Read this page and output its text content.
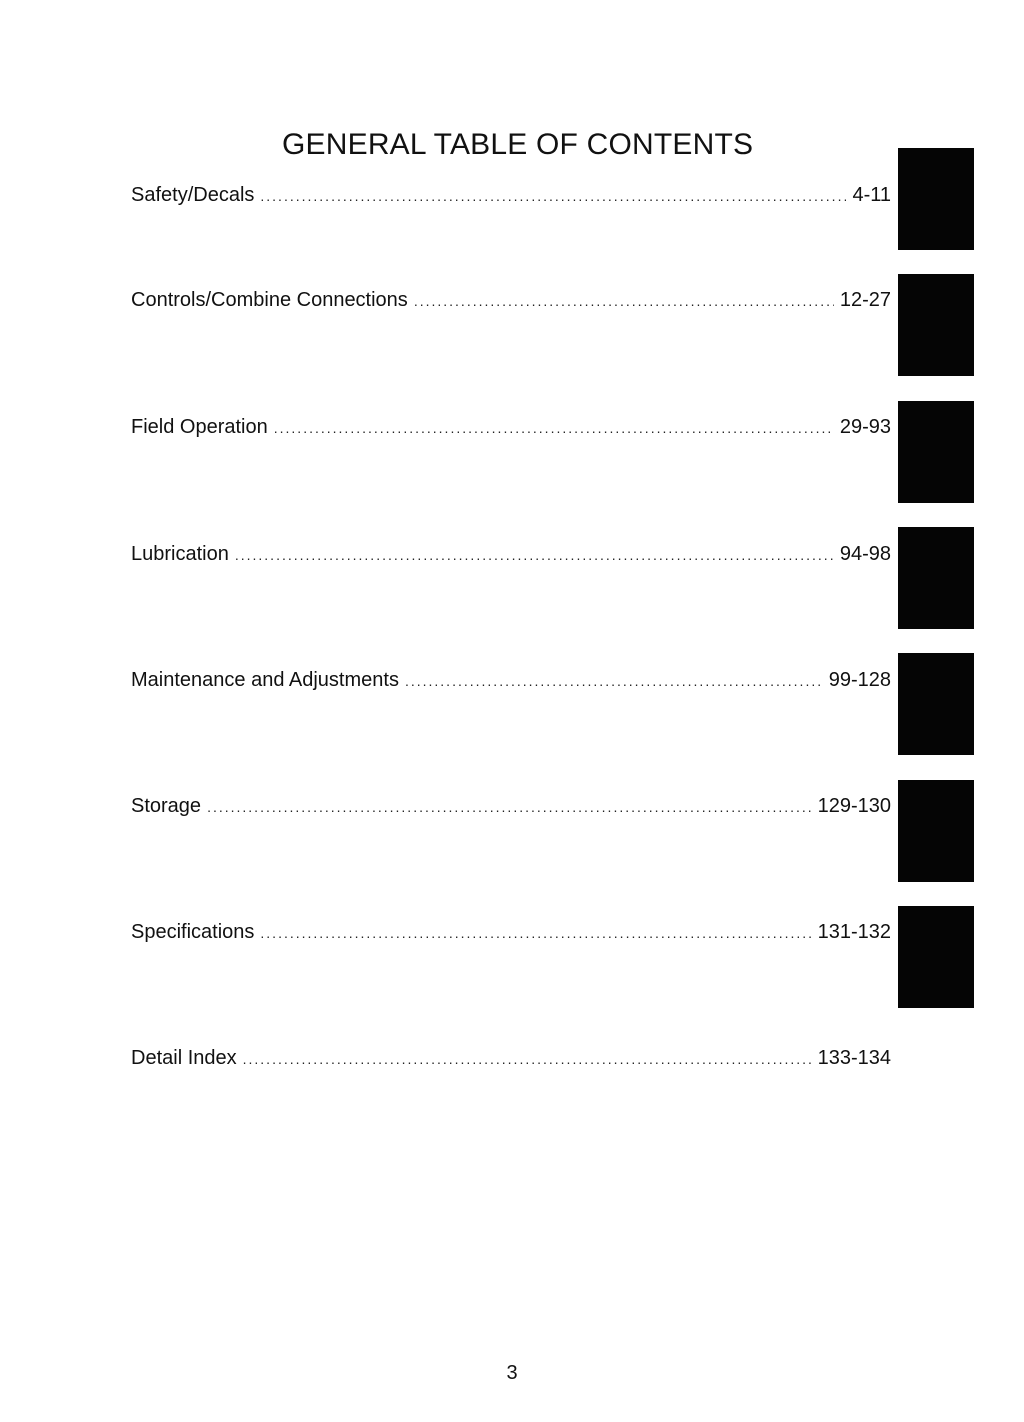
GENERAL TABLE OF CONTENTS
Safety/Decals .....	4-11
Controls/Combine Connections .....	12-27
Field Operation .....	29-93
Lubrication .....	94-98
Maintenance and Adjustments .....	99-128
Storage .....	129-130
Specifications .....	131-132
Detail Index .....	133-134
3
